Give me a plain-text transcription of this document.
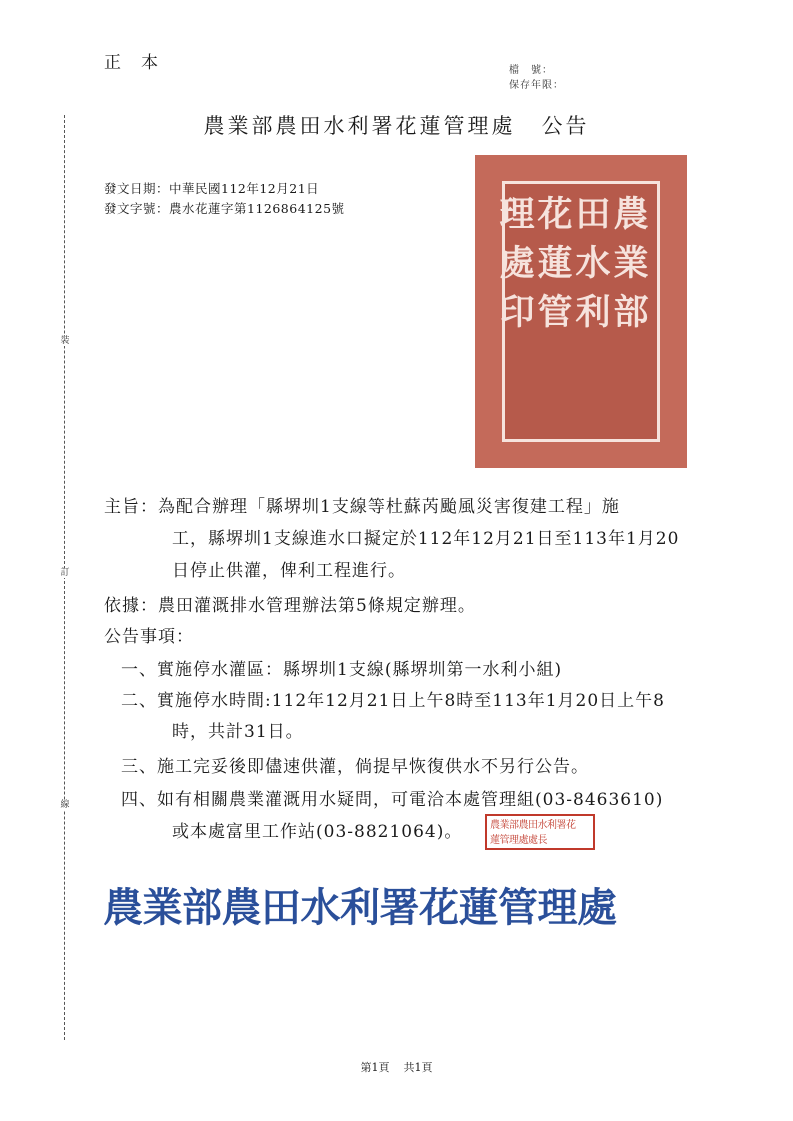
裝
訂
線
正本	檔　號：
保存年限：
農業部農田水利署花蓮管理處 公告
發文日期：中華民國112年12月21日
發文字號：農水花蓮字第1126864125號	農
業
部
田
水
利
花
蓮
管
理
處
印
主旨：為配合辦理「縣堺圳1支線等杜蘇芮颱風災害復建工程」施
工，縣堺圳1支線進水口擬定於112年12月21日至113年1月20
日停止供灌，俾利工程進行。
依據：農田灌溉排水管理辦法第5條規定辦理。
公告事項：
一、實施停水灌區：縣堺圳1支線(縣堺圳第一水利小組)
二、實施停水時間:112年12月21日上午8時至113年1月20日上午8
時，共計31日。
三、施工完妥後即儘速供灌，倘提早恢復供水不另行公告。
四、如有相關農業灌溉用水疑問，可電洽本處管理組(03-8463610)
或本處富里工作站(03-8821064)。	農業部農田水利署花
蓮管理處處長
農業部農田水利署花蓮管理處
第1頁 共1頁
